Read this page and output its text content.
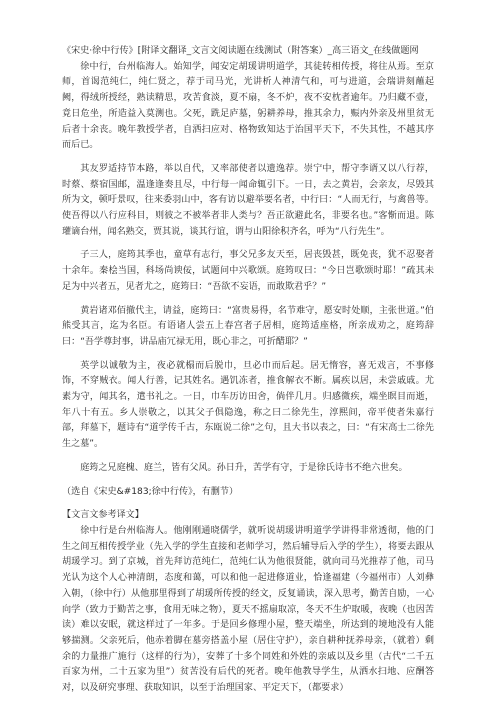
《宋史·徐中行传》[附译文翻译_文言文阅读题在线测试（附答案）_高三语文_在线做题网

徐中行，台州临海人。始知学，闻安定胡瑗讲明道学，其徒转相传授，将往从焉。至京师，首谒范纯仁，纯仁贤之，荐于司马光，光讲析人神清气和，可与进道，会瑞讲刻蘸起阙，得绒所授经，熟读精思，攻苦食淡，夏不扇，冬不炉，夜不安枕者逾年。乃归藏不壹，竟日危坐，所造益入莫测也。父死，跣足庐墓，躬耕养母，推其余力，赈内外亲及州里贫无后者十余丧。晚年教授学者，自洒扫应对、格物致知达于治国平天下，不失其性，不越其序而后已。

其友罗适持节本路，举以自代，又率部使者以遗逸荐。崇宁中，帮守李谞又以八行荐，时蔡、蔡宿国邮，温逢逢奏且尽，中行每一闻命辄引下。一日，去之黄岩，会亲友，尽毁其所为文，顿吁景叹，往来委羽山中，客有访以避举要名者，中行曰：“人而无行，与禽兽等。使吾得以八行应科目，则彼之不被举者非人类与？吾正欲避此名，非要名也。”客惭而退。陈瓘谪台州，闻名熟交，贾其说，谈其行谊，谓与山阳徐积齐名，呼为“八行先生”。

子三人，庭筠其季也，童草有志行，事父兄多友天至，居丧毁甚，既免丧，犹不忍娶者十余年。秦桧当国，科场尚谀佞，试题问中兴歌颂。庭筠叹曰：“今日岂歌颂时耶！”疏其未足为中兴者五，见者尤之，庭筠曰：“吾欲不妄语，而敢欺君乎？”

黄岩诸邓佰撤代主，请益，庭筠曰：“富贵易得，名节难守，愿安时处顺，主张世道。”伯熊受其言，迄为名臣。有语诸人尝五上春宫者子居相，庭筠适座格，所亲成劝之，庭筠辞曰：“吾学尊封事，讲品庙冗禄无用，既心非之，可折醋耶？”

英学以诚敬为主，夜必就榻而后脱巾，旦必巾而后起。居无惰容，喜无戏言，不事修饰，不穿贼衣。闻人行善，记其姓名。遇饥冻者，推食解衣不断。属疾以居，未尝戚戚。尤素为守，闻其名，遣书礼之。一日，巾车历访田舍，倘伴几月。归感微疾，端坐瞑目而逝，年八十有五。乡人崇敬之，以其父子俱隐逸，称之曰二徐先生，淳熙间，帝平使者朱嘉行部，拜墓下，题诗有“道学传千古，东瓯说二徐”之句，且大书以表之，曰：“有宋高士二徐先生之墓”。

庭筠之兄庭槐、庭兰，皆有父风。孙日升，苦学有守，于是徐氏诗书不绝六世矣。

（选自《宋史&#183;徐中行传》，有删节）

【文言文参考译文】

徐中行是台州临海人。他刚刚通晓儒学，就听说胡瑗讲明道学学讲得非常透彻，他的门生之间互相传授学业（先入学的学生直接和老师学习，然后辅导后入学的学生），将要去跟从胡瑗学习。到了京城，首先拜访范纯仁，范纯仁认为他很贤能，就向司马光推荐了他，司马光认为这个人心神清朗，态度和蔼，可以和他一起进修道业，恰逢福建（今福州市）人刘彝入朝，（徐中行）从他那里得到了胡瑗所传授的经文，反复诵读，深入思考，勤苦自励，一心向学（致力于勤苦之事，食用无味之物），夏天不摇扇取凉，冬天不生炉取暖，夜晚（也因苦读）难以安眠，就这样过了一年多。于是回乡修理小屋，整天端坐，所达到的境地没有人能够揣测。父亲死后，他赤着脚在墓旁搭盖小屋（居住守护），亲自耕种抚养母亲，（就着）剩余的力量推广施行（这样的行为），安葬了十多个同姓和外姓的亲戚以及乡里（古代“二千五百家为州，二十五家为里”）贫苦没有后代的死者。晚年他教导学生，从洒水扫地、应酬答对，以及研究事理、获取知识，以至于治理国家、平定天下，（都要求）
